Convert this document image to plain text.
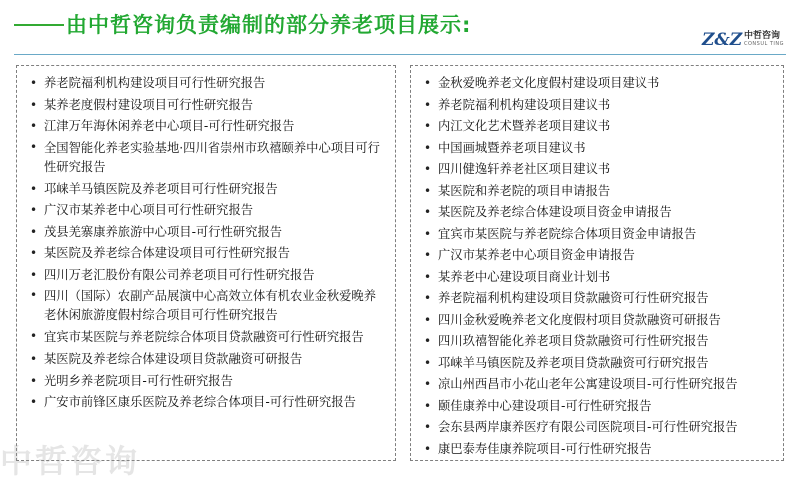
由中哲咨询负责编制的部分养老项目展示:
Z&Z 中哲咨询
CONSUL TING
• 养老院福利机构建设项目可行性研究报告
• 某养老度假村建设项目可行性研究报告
• 江津万年海休闲养老中心项目-可行性研究报告
• 全国智能化养老实验基地·四川省崇州市玖禧颐养中心项目可行性研究报告
• 邛崃羊马镇医院及养老项目可行性研究报告
• 广汉市某养老中心项目可行性研究报告
• 茂县羌寨康养旅游中心项目-可行性研究报告
• 某医院及养老综合体建设项目可行性研究报告
• 四川万老汇股份有限公司养老项目可行性研究报告
• 四川（国际）农副产品展演中心高效立体有机农业金秋爱晚养老休闲旅游度假村综合项目可行性研究报告
• 宜宾市某医院与养老院综合体项目贷款融资可行性研究报告
• 某医院及养老综合体建设项目贷款融资可研报告
• 光明乡养老院项目-可行性研究报告
• 广安市前锋区康乐医院及养老综合体项目-可行性研究报告
• 金秋爱晚养老文化度假村建设项目建议书
• 养老院福利机构建设项目建议书
• 内江文化艺术暨养老项目建议书
• 中国画城暨养老项目建议书
• 四川健逸轩养老社区项目建议书
• 某医院和养老院的项目申请报告
• 某医院及养老综合体建设项目资金申请报告
• 宜宾市某医院与养老院综合体项目资金申请报告
• 广汉市某养老中心项目资金申请报告
• 某养老中心建设项目商业计划书
• 养老院福利机构建设项目贷款融资可行性研究报告
• 四川金秋爱晚养老文化度假村项目贷款融资可研报告
• 四川玖禧智能化养老项目贷款融资可行性研究报告
• 邛崃羊马镇医院及养老项目贷款融资可行研究报告
• 凉山州西昌市小花山老年公寓建设项目-可行性研究报告
• 颐佳康养中心建设项目-可行性研究报告
• 会东县两岸康养医疗有限公司医院项目-可行性研究报告
• 康巴泰寿佳康养院项目-可行性研究报告
中哲咨询
